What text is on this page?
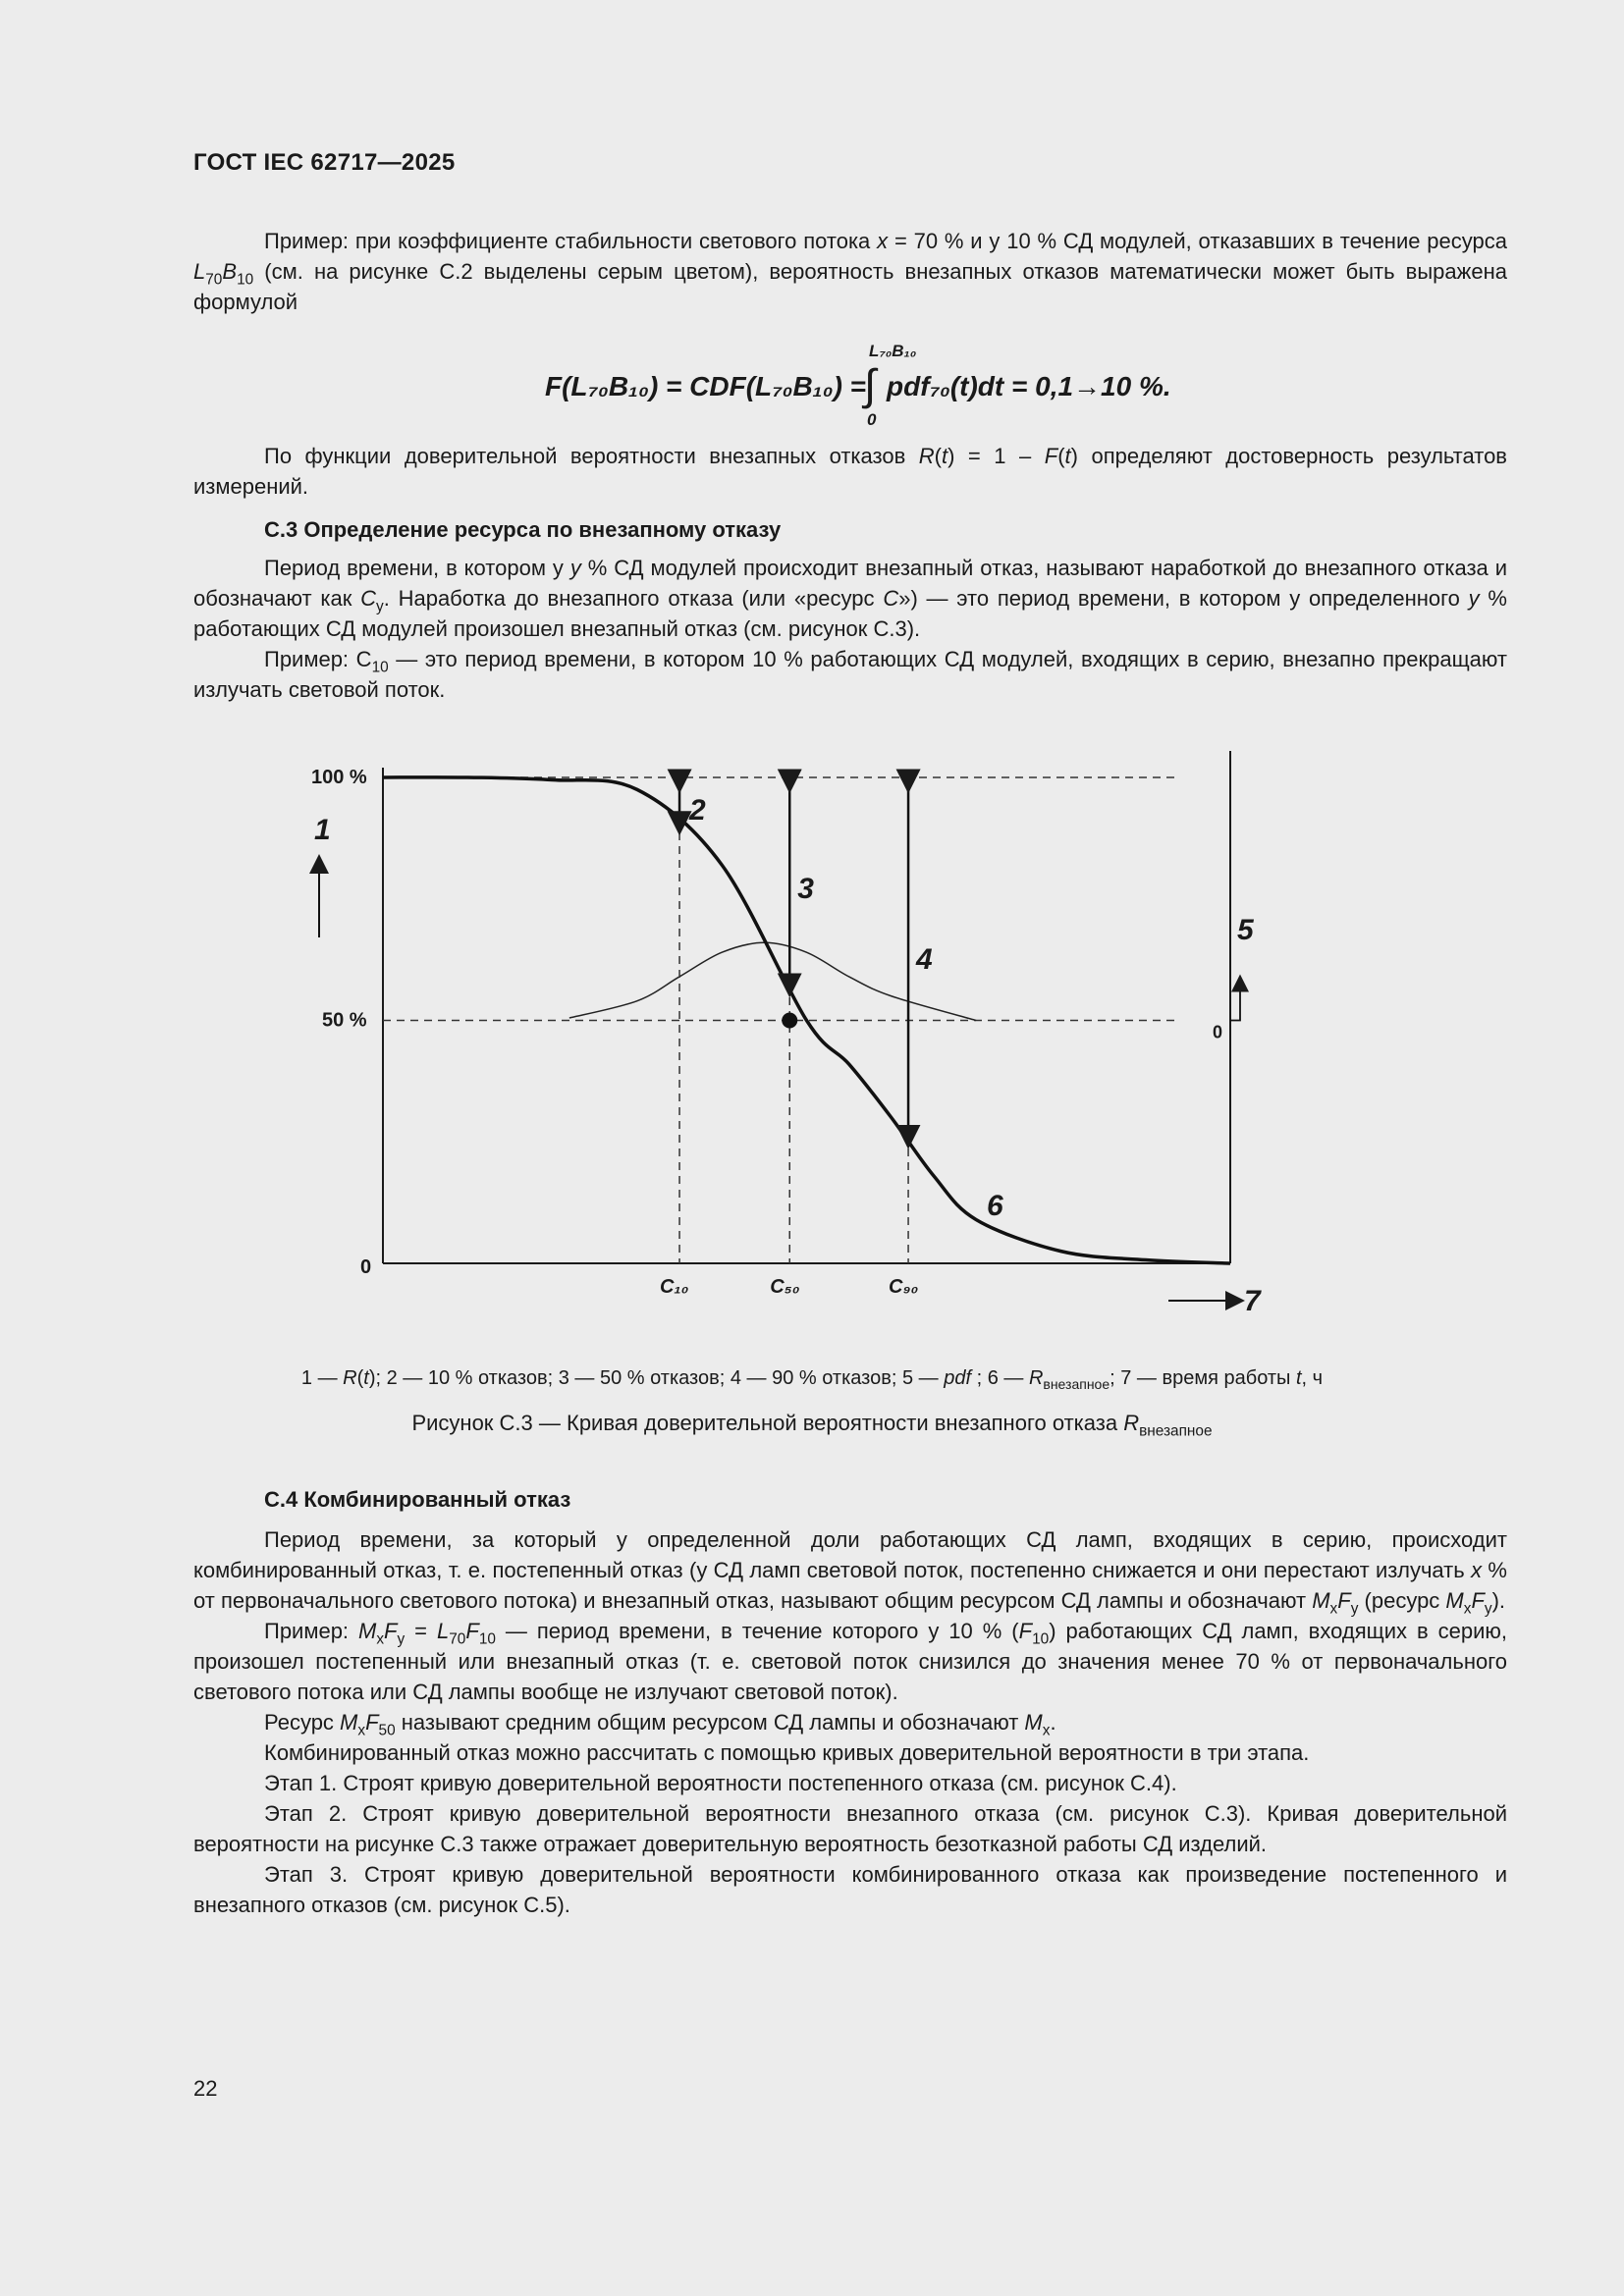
ГОСТ IEC 62717—2025

Пример: при коэффициенте стабильности светового потока x = 70 % и у 10 % СД модулей, отказавших в течение ресурса $L_{70}B_{10}$ (см. на рисунке С.2 выделены серым цветом), вероятность внезапных отказов математически может быть выражена формулой

F(L₇₀B₁₀) = CDF(L₇₀B₁₀) =
∫
L₇₀B₁₀
0
pdf₇₀(t)dt = 0,1→10 %.

По функции доверительной вероятности внезапных отказов R(t) = 1 – F(t) определяют достоверность результатов измерений.

С.3 Определение ресурса по внезапному отказу

Период времени, в котором у y % СД модулей происходит внезапный отказ, называют наработкой до внезапного отказа и обозначают как $C_y$. Наработка до внезапного отказа (или «ресурс C») — это период времени, в котором у определенного y % работающих СД модулей произошел внезапный отказ (см. рисунок С.3).

Пример: $С_{10}$ — это период времени, в котором 10 % работающих СД модулей, входящих в серию, внезапно прекращают излучать световой поток.

100 %
50 %
0
C₁₀	C₅₀	C₉₀
1
2
3
4
5
6
7
0
1 — R(t); 2 — 10 % отказов; 3 — 50 % отказов; 4 — 90 % отказов; 5 — pdf ; 6 — $R_{внезапное}$; 7 — время работы t, ч
Рисунок С.3 — Кривая доверительной вероятности внезапного отказа $R_{внезапное}$
С.4 Комбинированный отказ

Период времени, за который у определенной доли работающих СД ламп, входящих в серию, происходит комбинированный отказ, т. е. постепенный отказ (у СД ламп световой поток, постепенно снижается и они перестают излучать x % от первоначального светового потока) и внезапный отказ, называют общим ресурсом СД лампы и обозначают $M_xF_y$ (ресурс $M_xF_y$).

Пример: $M_xF_y = L_{70}F_{10}$ — период времени, в течение которого у 10 % $(F_{10})$ работающих СД ламп, входящих в серию, произошел постепенный или внезапный отказ (т. е. световой поток снизился до значения менее 70 % от первоначального светового потока или СД лампы вообще не излучают световой поток).

Ресурс $M_xF_{50}$ называют средним общим ресурсом СД лампы и обозначают $M_x$.

Комбинированный отказ можно рассчитать с помощью кривых доверительной вероятности в три этапа.

Этап 1. Строят кривую доверительной вероятности постепенного отказа (см. рисунок С.4).

Этап 2. Строят кривую доверительной вероятности внезапного отказа (см. рисунок С.3). Кривая доверительной вероятности на рисунке С.3 также отражает доверительную вероятность безотказной работы СД изделий.

Этап 3. Строят кривую доверительной вероятности комбинированного отказа как произведение постепенного и внезапного отказов (см. рисунок С.5).

22
